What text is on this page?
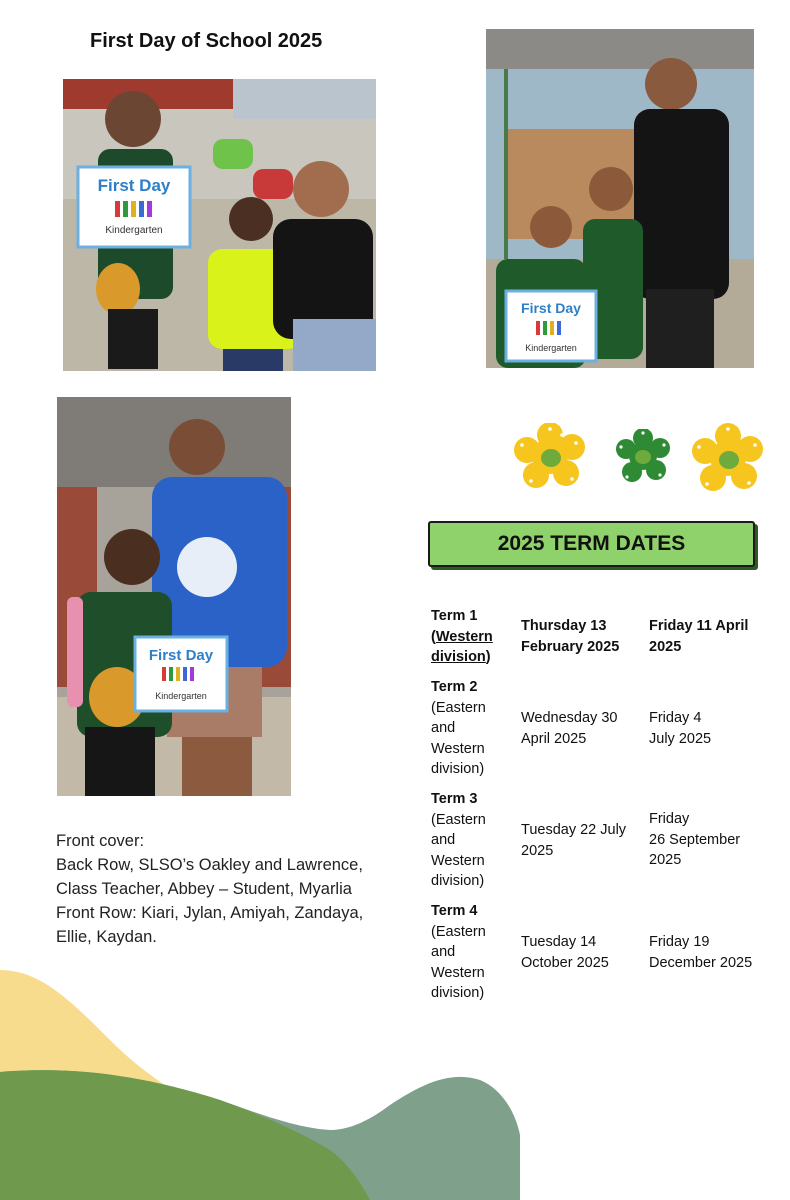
First Day of School 2025
First Day
Kindergarten
First Day
Kindergarten
First Day
Kindergarten
2025 TERM DATES
Term 1
(Western
division)
Thursday 13
February 2025
Friday 11 April
2025
Term 2
(Eastern
and
Western
division)
Wednesday 30
April 2025
Friday 4
July 2025
Term 3
(Eastern
and
Western
division)
Tuesday 22 July
2025
Friday
26 September
2025
Term 4
(Eastern
and
Western
division)
Tuesday 14
October 2025
Friday 19
December 2025
Front cover:
Back Row, SLSO’s Oakley and Lawrence,
Class Teacher, Abbey – Student, Myarlia
Front Row: Kiari, Jylan, Amiyah, Zandaya,
Ellie, Kaydan.
